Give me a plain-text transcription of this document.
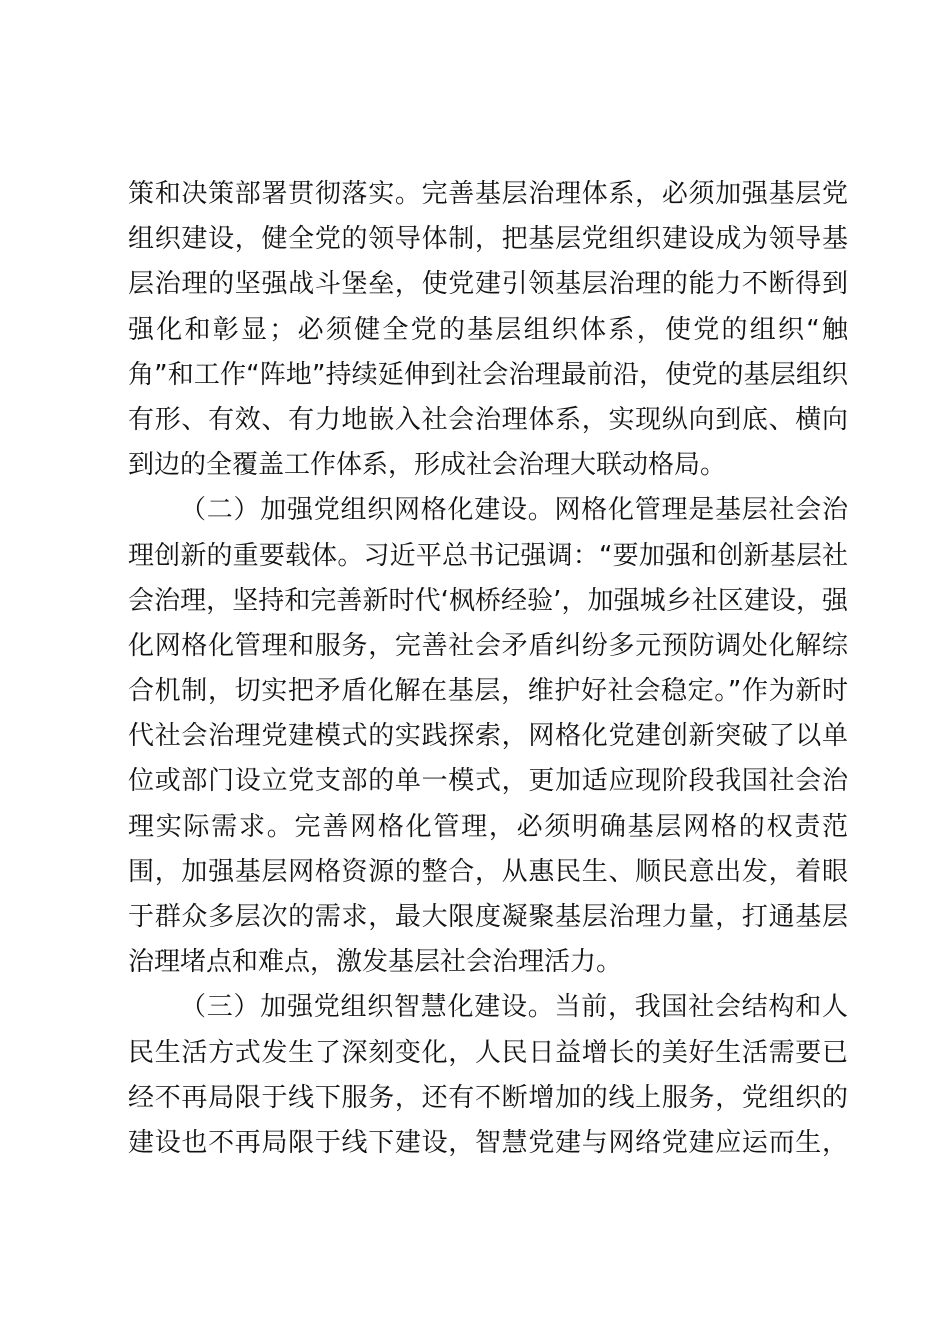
策和决策部署贯彻落实。完善基层治理体系，必须加强基层党
组织建设，健全党的领导体制，把基层党组织建设成为领导基
层治理的坚强战斗堡垒，使党建引领基层治理的能力不断得到
强化和彰显；必须健全党的基层组织体系，使党的组织“触
角”和工作“阵地”持续延伸到社会治理最前沿，使党的基层组织
有形、有效、有力地嵌入社会治理体系，实现纵向到底、横向
到边的全覆盖工作体系，形成社会治理大联动格局。
（二）加强党组织网格化建设。网格化管理是基层社会治
理创新的重要载体。习近平总书记强调：“要加强和创新基层社
会治理，坚持和完善新时代‘枫桥经验’，加强城乡社区建设，强
化网格化管理和服务，完善社会矛盾纠纷多元预防调处化解综
合机制，切实把矛盾化解在基层，维护好社会稳定。”作为新时
代社会治理党建模式的实践探索，网格化党建创新突破了以单
位或部门设立党支部的单一模式，更加适应现阶段我国社会治
理实际需求。完善网格化管理，必须明确基层网格的权责范
围，加强基层网格资源的整合，从惠民生、顺民意出发，着眼
于群众多层次的需求，最大限度凝聚基层治理力量，打通基层
治理堵点和难点，激发基层社会治理活力。
（三）加强党组织智慧化建设。当前，我国社会结构和人
民生活方式发生了深刻变化，人民日益增长的美好生活需要已
经不再局限于线下服务，还有不断增加的线上服务，党组织的
建设也不再局限于线下建设，智慧党建与网络党建应运而生，
